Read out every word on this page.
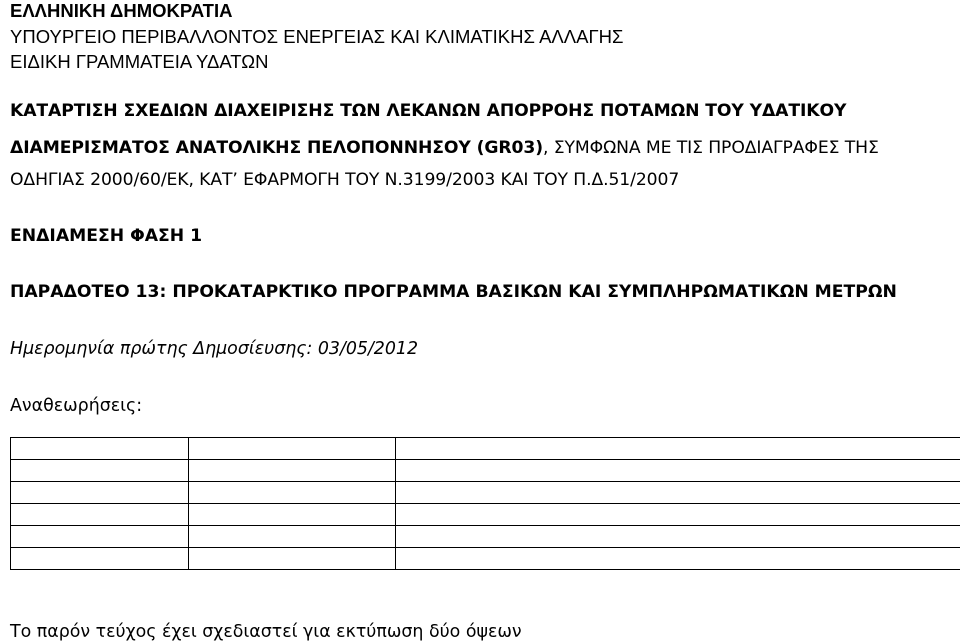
ΕΛΛΗΝΙΚΗ ΔΗΜΟΚΡΑΤΙΑ
ΥΠΟΥΡΓΕΙΟ ΠΕΡΙΒΑΛΛΟΝΤΟΣ ΕΝΕΡΓΕΙΑΣ ΚΑΙ ΚΛΙΜΑΤΙΚΗΣ ΑΛΛΑΓΗΣ
ΕΙΔΙΚΗ ΓΡΑΜΜΑΤΕΙΑ ΥΔΑΤΩΝ
ΚΑΤΑΡΤΙΣΗ ΣΧΕΔΙΩΝ ΔΙΑΧΕΙΡΙΣΗΣ ΤΩΝ ΛΕΚΑΝΩΝ ΑΠΟΡΡΟΗΣ ΠΟΤΑΜΩΝ ΤΟΥ ΥΔΑΤΙΚΟΥ
ΔΙΑΜΕΡΙΣΜΑΤΟΣ ΑΝΑΤΟΛΙΚΗΣ ΠΕΛΟΠΟΝΝΗΣΟΥ (GR03), ΣΥΜΦΩΝΑ ΜΕ ΤΙΣ ΠΡΟΔΙΑΓΡΑΦΕΣ ΤΗΣ
ΟΔΗΓΙΑΣ 2000/60/ΕΚ, ΚΑΤ’ ΕΦΑΡΜΟΓΗ ΤΟΥ Ν.3199/2003 ΚΑΙ ΤΟΥ Π.Δ.51/2007
ΕΝΔΙΑΜΕΣΗ ΦΑΣΗ 1
ΠΑΡΑΔΟΤΕΟ 13: ΠΡΟΚΑΤΑΡΚΤΙΚΟ ΠΡΟΓΡΑΜΜΑ ΒΑΣΙΚΩΝ ΚΑΙ ΣΥΜΠΛΗΡΩΜΑΤΙΚΩΝ ΜΕΤΡΩΝ
Ημερομηνία πρώτης Δημοσίευσης: 03/05/2012
Αναθεωρήσεις:

Το παρόν τεύχος έχει σχεδιαστεί για εκτύπωση δύο όψεων
